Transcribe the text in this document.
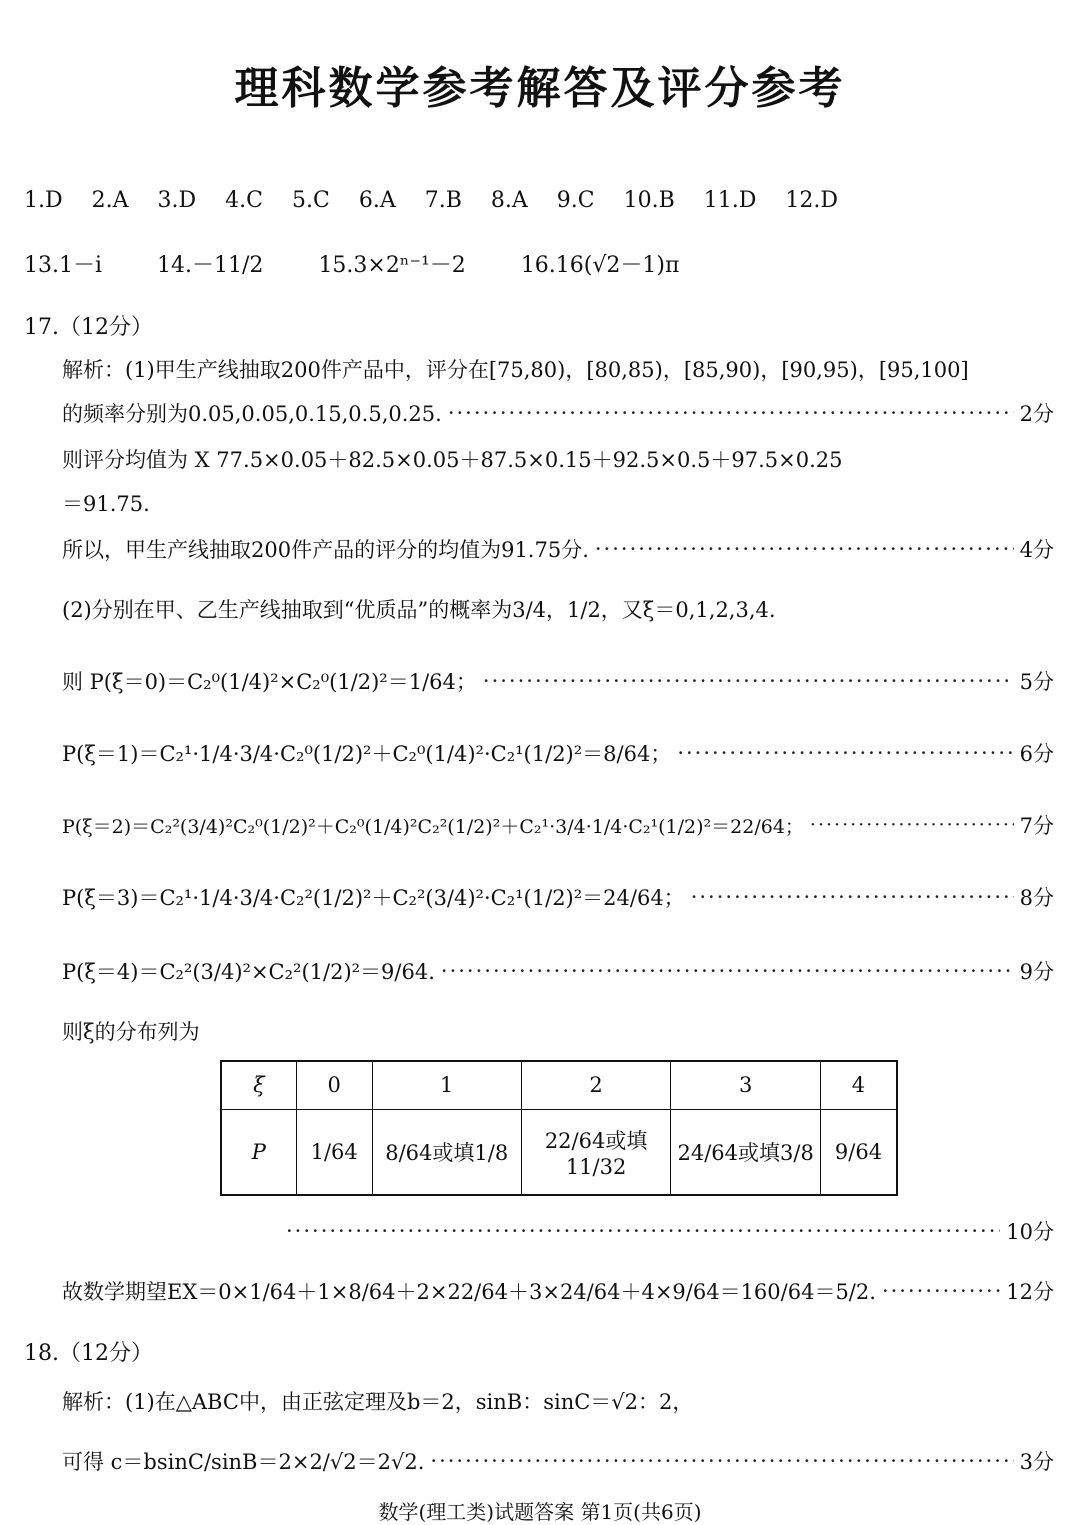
理科数学参考解答及评分参考
1.D 2.A 3.D 4.C 5.C 6.A 7.B 8.A 9.C 10.B 11.D 12.D
13.1－i	14.－11/2	15.3×2ⁿ⁻¹－2	16.16(√2－1)π
17.（12分）
解析：(1)甲生产线抽取200件产品中，评分在[75,80)，[80,85)，[85,90)，[90,95)，[95,100]
的频率分别为0.05,0.05,0.15,0.5,0.25. ·····	2分
则评分均值为 X 77.5×0.05＋82.5×0.05＋87.5×0.15＋92.5×0.5＋97.5×0.25
＝91.75.
所以，甲生产线抽取200件产品的评分的均值为91.75分. ·····	4分
(2)分别在甲、乙生产线抽取到“优质品”的概率为3/4，1/2，又ξ＝0,1,2,3,4.
则 P(ξ＝0)＝C₂⁰(1/4)²×C₂⁰(1/2)²＝1/64； ·····	5分
P(ξ＝1)＝C₂¹·1/4·3/4·C₂⁰(1/2)²＋C₂⁰(1/4)²·C₂¹(1/2)²＝8/64； ·····	6分
P(ξ＝2)＝C₂²(3/4)²C₂⁰(1/2)²＋C₂⁰(1/4)²C₂²(1/2)²＋C₂¹·3/4·1/4·C₂¹(1/2)²＝22/64； ·····	7分
P(ξ＝3)＝C₂¹·1/4·3/4·C₂²(1/2)²＋C₂²(3/4)²·C₂¹(1/2)²＝24/64； ·····	8分
P(ξ＝4)＝C₂²(3/4)²×C₂²(1/2)²＝9/64. ·····	9分
则ξ的分布列为
ξ	0	1	2	3	4
P	1/64	8/64或填1/8	22/64或填11/32	24/64或填3/8	9/64
·····
10分
故数学期望EX＝0×1/64＋1×8/64＋2×22/64＋3×24/64＋4×9/64＝160/64＝5/2. ·····	12分
18.（12分）
解析：(1)在△ABC中，由正弦定理及b＝2，sinB：sinC＝√2：2，
可得 c＝bsinC/sinB＝2×2/√2＝2√2. ·····	3分
数学(理工类)试题答案 第1页(共6页)
